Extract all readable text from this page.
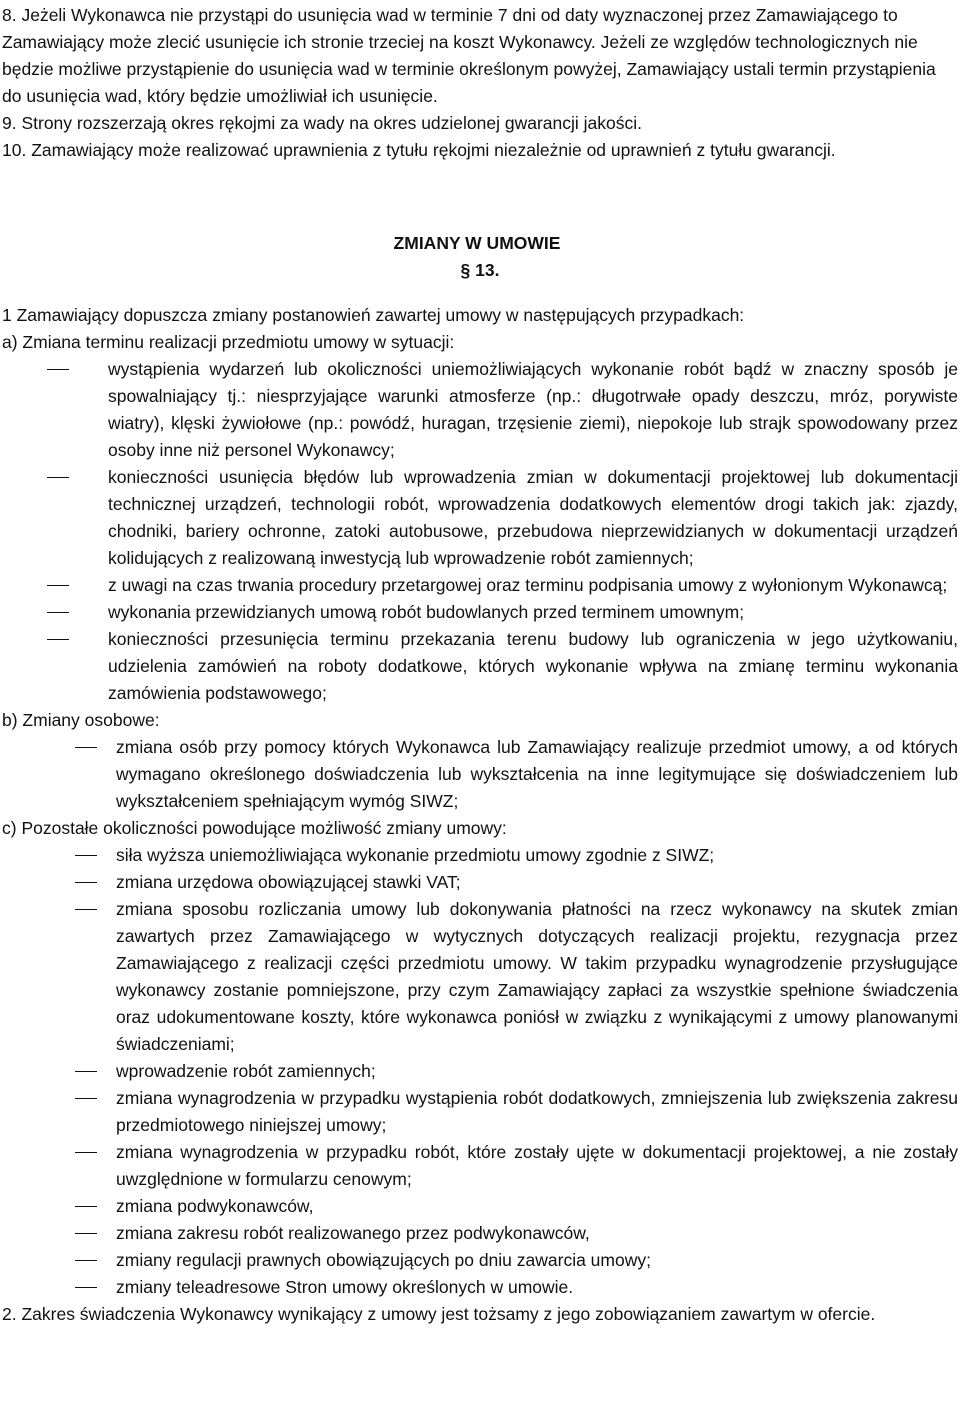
8. Jeżeli Wykonawca nie przystąpi do usunięcia wad w terminie 7 dni od daty wyznaczonej przez Zamawiającego to Zamawiający może zlecić usunięcie ich stronie trzeciej na koszt Wykonawcy. Jeżeli ze względów technologicznych nie będzie możliwe przystąpienie do usunięcia wad w terminie określonym powyżej, Zamawiający ustali termin przystąpienia do usunięcia wad, który będzie umożliwiał ich usunięcie.

9. Strony rozszerzają okres rękojmi za wady na okres udzielonej gwarancji jakości.

10. Zamawiający może realizować uprawnienia z tytułu rękojmi niezależnie od uprawnień z tytułu gwarancji.

ZMIANY W UMOWIE
§ 13.

1 Zamawiający dopuszcza zmiany postanowień zawartej umowy w następujących przypadkach:

a) Zmiana terminu realizacji przedmiotu umowy w sytuacji:

wystąpienia wydarzeń lub okoliczności uniemożliwiających wykonanie robót bądź w znaczny sposób je spowalniający tj.: niesprzyjające warunki atmosferze (np.: długotrwałe opady deszczu, mróz, porywiste wiatry), klęski żywiołowe (np.: powódź, huragan, trzęsienie ziemi), niepokoje lub strajk spowodowany przez osoby inne niż personel Wykonawcy;
konieczności usunięcia błędów lub wprowadzenia zmian w dokumentacji projektowej lub dokumentacji technicznej urządzeń, technologii robót, wprowadzenia dodatkowych elementów drogi takich jak: zjazdy, chodniki, bariery ochronne, zatoki autobusowe, przebudowa nieprzewidzianych w dokumentacji urządzeń kolidujących z realizowaną inwestycją lub wprowadzenie robót zamiennych;
z uwagi na czas trwania procedury przetargowej oraz terminu podpisania umowy z wyłonionym Wykonawcą;
wykonania przewidzianych umową robót budowlanych przed terminem umownym;
konieczności przesunięcia terminu przekazania terenu budowy lub ograniczenia w jego użytkowaniu, udzielenia zamówień na roboty dodatkowe, których wykonanie wpływa na zmianę terminu wykonania zamówienia podstawowego;

b) Zmiany osobowe:

zmiana osób przy pomocy których Wykonawca lub Zamawiający realizuje przedmiot umowy, a od których wymagano określonego doświadczenia lub wykształcenia na inne legitymujące się doświadczeniem lub wykształceniem spełniającym wymóg SIWZ;

c) Pozostałe okoliczności powodujące możliwość zmiany umowy:

siła wyższa uniemożliwiająca wykonanie przedmiotu umowy zgodnie z SIWZ;
zmiana urzędowa obowiązującej stawki VAT;
zmiana sposobu rozliczania umowy lub dokonywania płatności na rzecz wykonawcy na skutek zmian zawartych przez Zamawiającego w wytycznych dotyczących realizacji projektu, rezygnacja przez Zamawiającego z realizacji części przedmiotu umowy. W takim przypadku wynagrodzenie przysługujące wykonawcy zostanie pomniejszone, przy czym Zamawiający zapłaci za wszystkie spełnione świadczenia oraz udokumentowane koszty, które wykonawca poniósł w związku z wynikającymi z umowy planowanymi świadczeniami;
wprowadzenie robót zamiennych;
zmiana wynagrodzenia w przypadku wystąpienia robót dodatkowych, zmniejszenia lub zwiększenia zakresu przedmiotowego niniejszej umowy;
zmiana wynagrodzenia w przypadku robót, które zostały ujęte w dokumentacji projektowej, a nie zostały uwzględnione w formularzu cenowym;
zmiana podwykonawców,
zmiana zakresu robót realizowanego przez podwykonawców,
zmiany regulacji prawnych obowiązujących po dniu zawarcia umowy;
zmiany teleadresowe Stron umowy określonych w umowie.

2. Zakres świadczenia Wykonawcy wynikający z umowy jest tożsamy z jego zobowiązaniem zawartym w ofercie.
